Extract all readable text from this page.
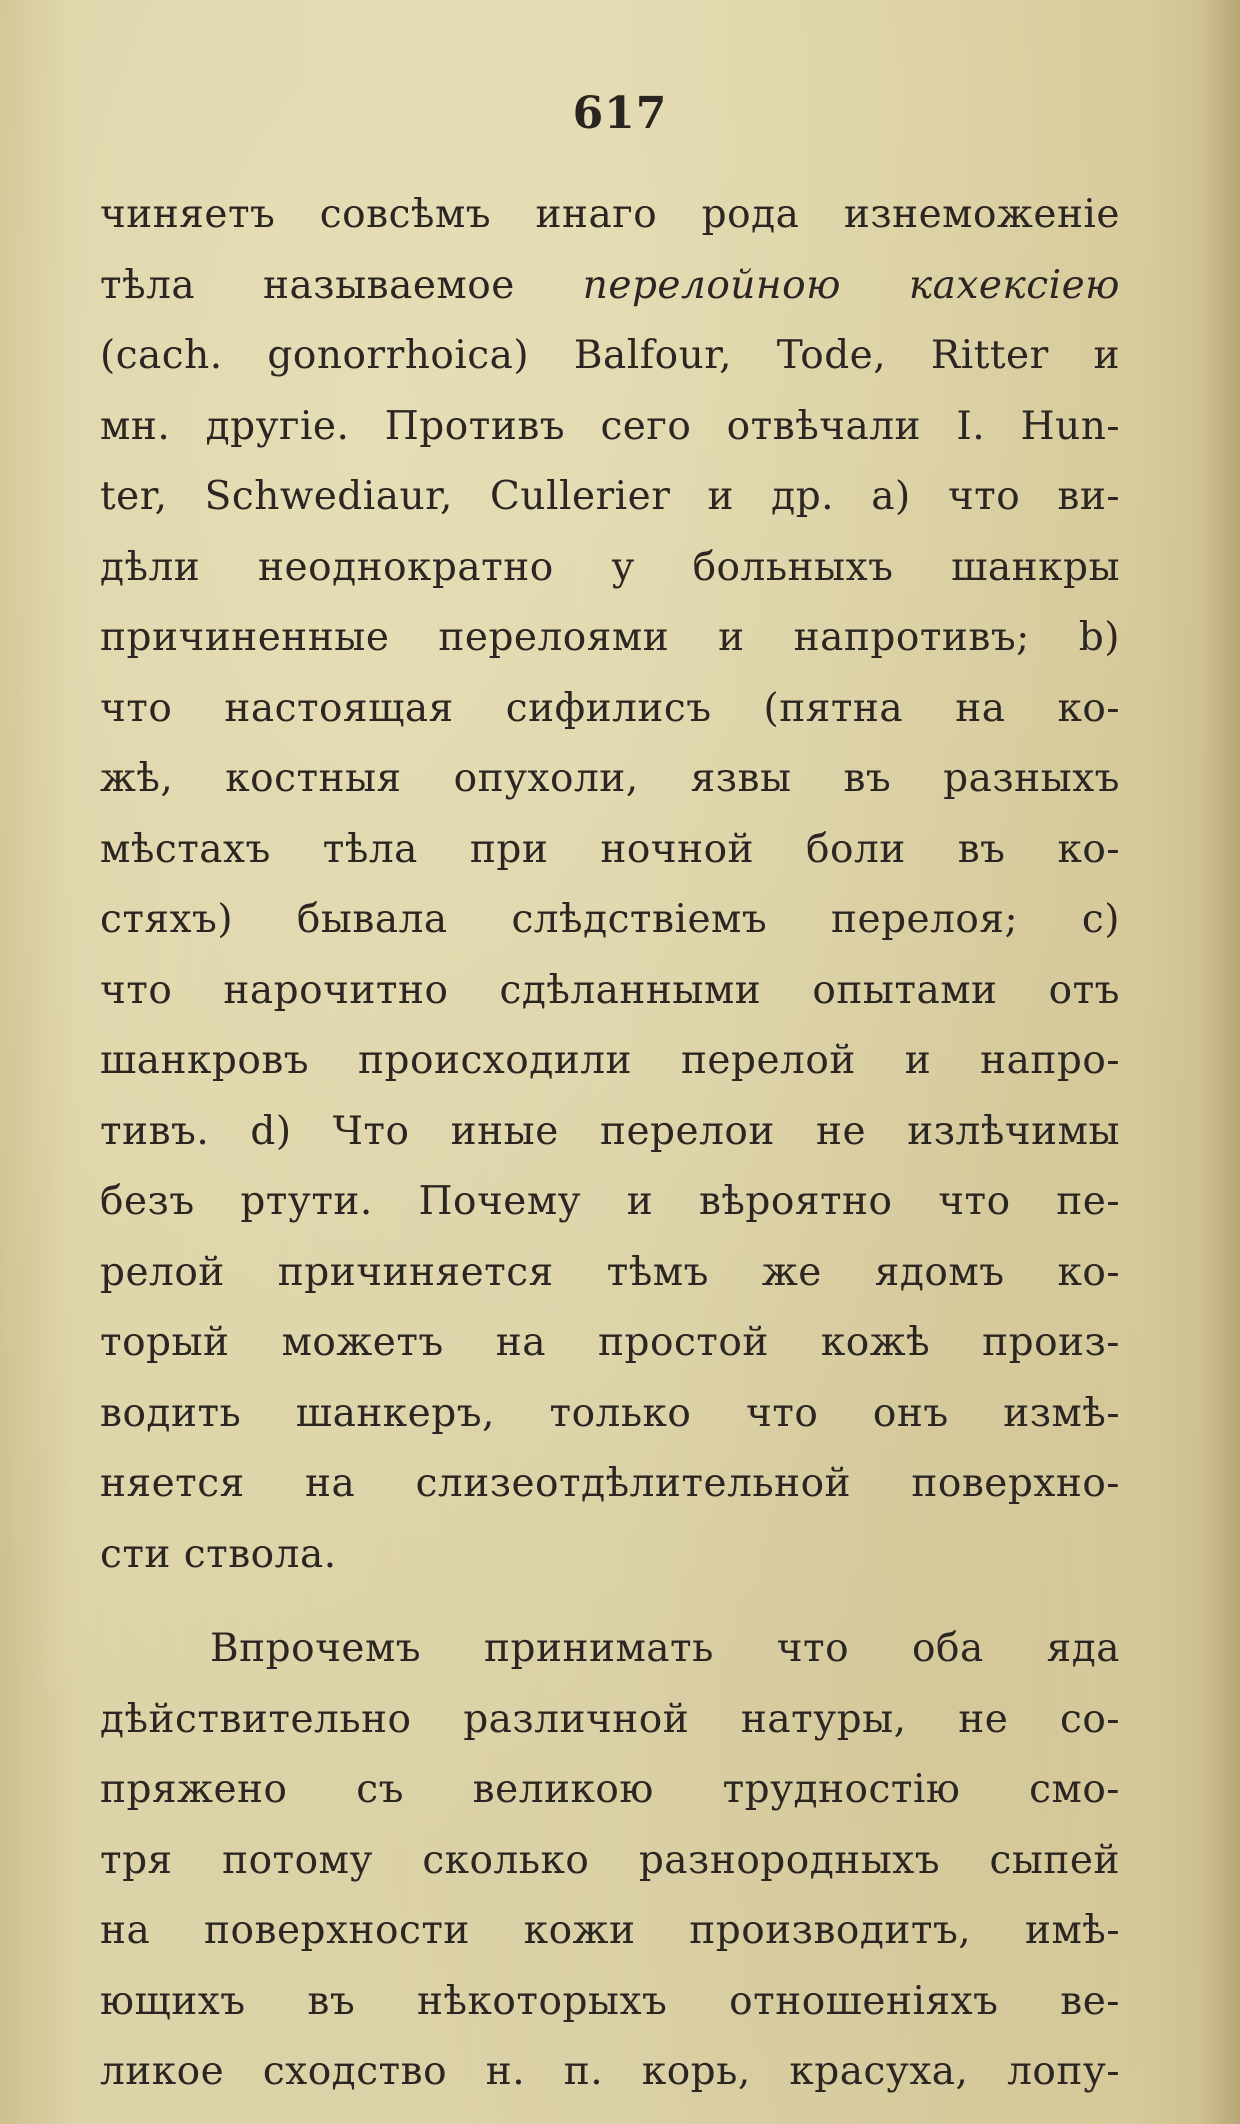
617
чиняетъ совсѣмъ инаго рода изнеможенie
тѣла называемое перелойною кахексiею
(cach. gonorrhoica) Balfour, Tode, Ritter и
мн. другie. Противъ сего отвѣчали I. Hun-
ter, Schwediaur, Cullerier и др. a) что ви-
дѣли неоднократно у больныхъ шанкры
причиненные перелоями и напротивъ; b)
что настоящая сифилисъ (пятна на ко-
жѣ, костныя опухоли, язвы въ разныхъ
мѣстахъ тѣла при ночной боли въ ко-
стяхъ) бывала слѣдствiемъ перелоя; c)
что нарочитно сдѣланными опытами отъ
шанкровъ происходили перелой и напро-
тивъ. d) Что иные перелои не излѣчимы
безъ ртути. Почему и вѣроятно что пе-
релой причиняется тѣмъ же ядомъ ко-
торый можетъ на простой кожѣ произ-
водить шанкеръ, только что онъ измѣ-
няется на слизеотдѣлительной поверхно-
сти ствола.
Впрочемъ принимать что оба яда
дѣйствительно различной натуры, не со-
пряжено съ великою трудностiю смо-
тря потому сколько разнородныхъ сыпей
на поверхности кожи производитъ, имѣ-
ющихъ въ нѣкоторыхъ отношенiяхъ ве-
ликое сходство н. п. корь, красуха, лопу-
